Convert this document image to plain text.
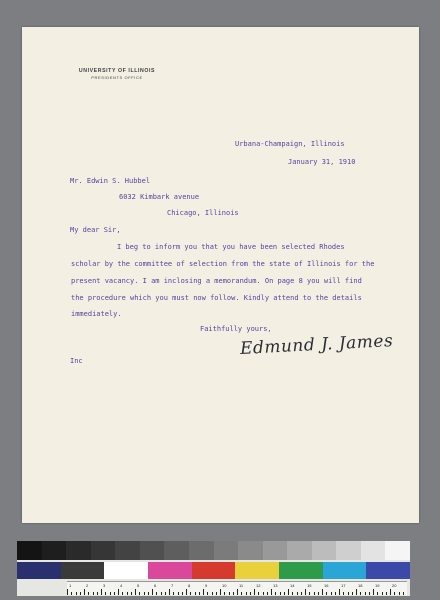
UNIVERSITY OF ILLINOIS
PRESIDENTS OFFICE
Urbana-Champaign, Illinois
January 31, 1910
Mr. Edwin S. Hubbel
6032 Kimbark avenue
Chicago, Illinois
My dear Sir,
I beg to inform you that you have been selected Rhodes
scholar by the committee of selection from the state of Illinois for the
present vacancy. I am inclosing a memorandum. On page 8 you will find
the procedure which you must now follow. Kindly attend to the details
immediately.
Faithfully yours,
Edmund J. James
Inc
1	2	3	4	5	6	7	8	9	10	11	12	13	14	15	16	17	18	19	20
